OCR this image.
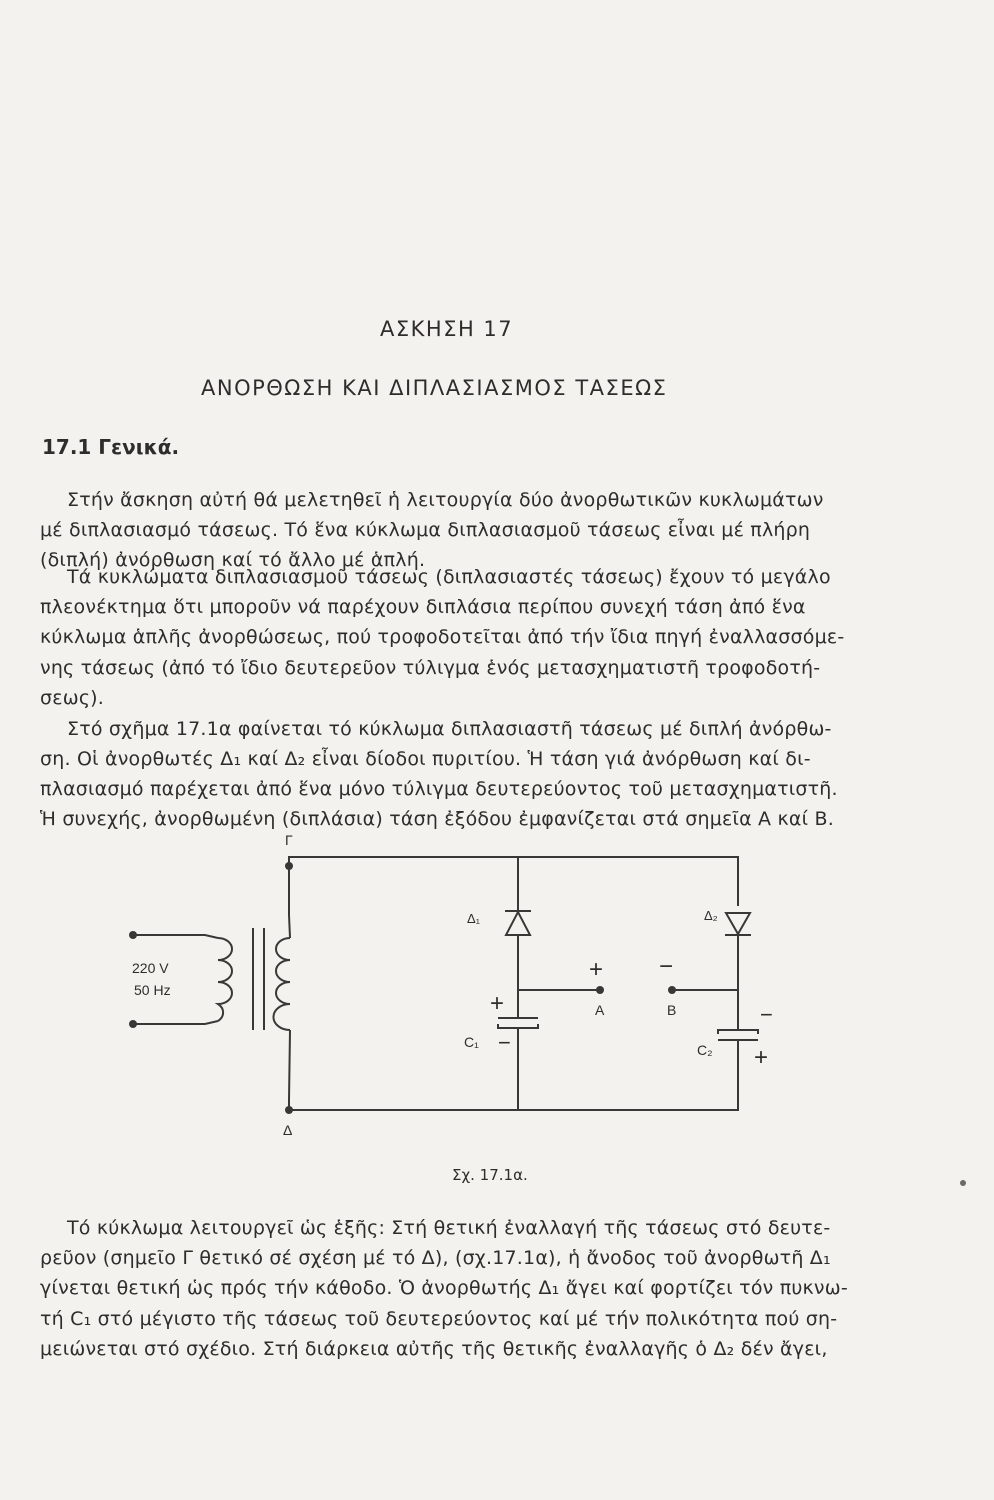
ΑΣΚΗΣΗ 17
ΑΝΟΡΘΩΣΗ ΚΑΙ ΔΙΠΛΑΣΙΑΣΜΟΣ ΤΑΣΕΩΣ
17.1 Γενικά.
Στήν ἄσκηση αὐτή θά μελετηθεῖ ἡ λειτουργία δύο ἀνορθωτικῶν κυκλωμάτων
μέ διπλασιασμό τάσεως. Τό ἕνα κύκλωμα διπλασιασμοῦ τάσεως εἶναι μέ πλήρη
(διπλή) ἀνόρθωση καί τό ἄλλο μέ ἁπλή.
Τά κυκλώματα διπλασιασμοῦ τάσεως (διπλασιαστές τάσεως) ἔχουν τό μεγάλο
πλεονέκτημα ὅτι μποροῦν νά παρέχουν διπλάσια περίπου συνεχή τάση ἀπό ἕνα
κύκλωμα ἁπλῆς ἀνορθώσεως, πού τροφοδοτεῖται ἀπό τήν ἴδια πηγή ἐναλλασσόμε-
νης τάσεως (ἀπό τό ἴδιο δευτερεῦον τύλιγμα ἑνός μετασχηματιστῆ τροφοδοτή-
σεως).
Στό σχῆμα 17.1α φαίνεται τό κύκλωμα διπλασιαστῆ τάσεως μέ διπλή ἀνόρθω-
ση. Οἱ ἀνορθωτές Δ₁ καί Δ₂ εἶναι δίοδοι πυριτίου. Ἡ τάση γιά ἀνόρθωση καί δι-
πλασιασμό παρέχεται ἀπό ἕνα μόνο τύλιγμα δευτερεύοντος τοῦ μετασχηματιστῆ.
Ἡ συνεχής, ἀνορθωμένη (διπλάσια) τάση ἐξόδου ἐμφανίζεται στά σημεῖα Α καί Β.
Γ
Δ
Δ₁	Δ₂
220 V
50 Hz
A	B
+ −
+
−
C₁
−
C₂ +
Σχ. 17.1α.
Τό κύκλωμα λειτουργεῖ ὡς ἑξῆς: Στή θετική ἐναλλαγή τῆς τάσεως στό δευτε-
ρεῦον (σημεῖο Γ θετικό σέ σχέση μέ τό Δ), (σχ.17.1α), ἡ ἄνοδος τοῦ ἀνορθωτῆ Δ₁
γίνεται θετική ὡς πρός τήν κάθοδο. Ὁ ἀνορθωτής Δ₁ ἄγει καί φορτίζει τόν πυκνω-
τή C₁ στό μέγιστο τῆς τάσεως τοῦ δευτερεύοντος καί μέ τήν πολικότητα πού ση-
μειώνεται στό σχέδιο. Στή διάρκεια αὐτῆς τῆς θετικῆς ἐναλλαγῆς ὁ Δ₂ δέν ἄγει,
